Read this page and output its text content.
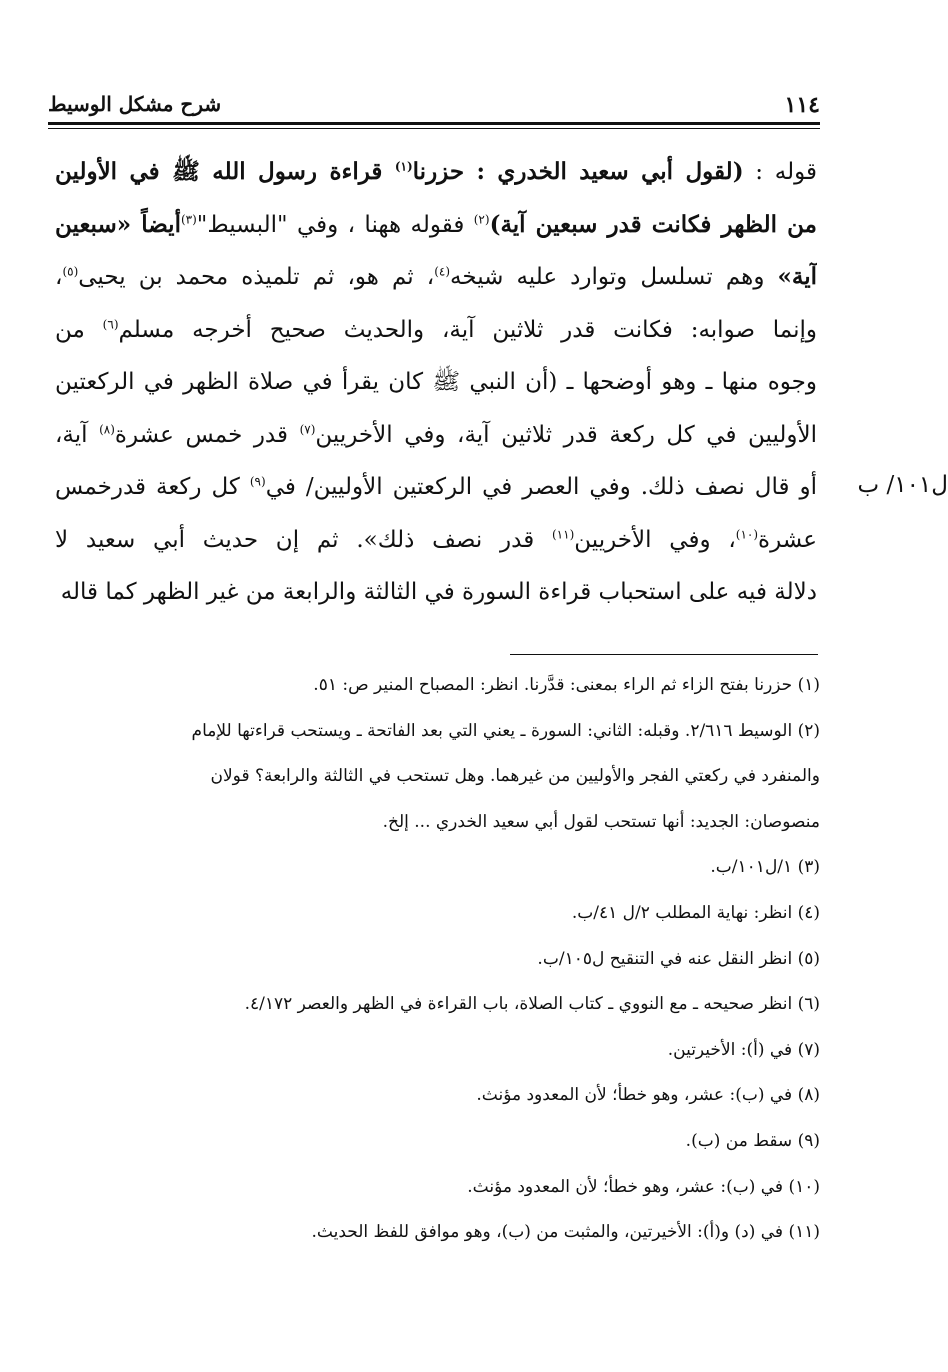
١١٤
شرح مشكل الوسيط
ل١٠١/ ب
قوله : (لقول أبي سعيد الخدري : حزرنا$^{(١)}$ قراءة رسول الله ﷺ في الأولين
من الظهر فكانت قدر سبعين آية)$^{(٢)}$ فقوله ههنا ، وفي "البسيط"$^{(٣)}$أيضاً «سبعين
آية» وهم تسلسل وتوارد عليه شيخه$^{(٤)}$، ثم هو، ثم تلميذه محمد بن يحيى$^{(٥)}$،
وإنما صوابه: فكانت قدر ثلاثين آية، والحديث صحيح أخرجه مسلم$^{(٦)}$ من
وجوه منها ـ وهو أوضحها ـ (أن النبي ﷺ كان يقرأ في صلاة الظهر في الركعتين
الأوليين في كل ركعة قدر ثلاثين آية، وفي الأخريين$^{(٧)}$ قدر خمس عشرة$^{(٨)}$ آية،
أو قال نصف ذلك. وفي العصر في الركعتين الأوليين/ في$^{(٩)}$ كل ركعة قدرخمس
عشرة$^{(١٠)}$، وفي الأخريين$^{(١١)}$ قدر نصف ذلك». ثم إن حديث أبي سعيد لا
دلالة فيه على استحباب قراءة السورة في الثالثة والرابعة من غير الظهر كما قاله
(١) حزرنا بفتح الزاء ثم الراء بمعنى: قدَّرنا. انظر: المصباح المنير ص: ٥١.
(٢) الوسيط ٢/٦١٦. وقبله: الثاني: السورة ـ يعني التي بعد الفاتحة ـ ويستحب قراءتها للإمام
والمنفرد في ركعتي الفجر والأوليين من غيرهما. وهل تستحب في الثالثة والرابعة؟ قولان
منصوصان: الجديد: أنها تستحب لقول أبي سعيد الخدري ... إلخ.
(٣) ١/ل١٠١/ب.
(٤) انظر: نهاية المطلب ٢/ل ٤١/ب.
(٥) انظر النقل عنه في التنقيح ل١٠٥/ب.
(٦) انظر صحيحه ـ مع النووي ـ كتاب الصلاة، باب القراءة في الظهر والعصر ٤/١٧٢.
(٧) في (أ): الأخيرتين.
(٨) في (ب): عشر، وهو خطأ؛ لأن المعدود مؤنث.
(٩) سقط من (ب).
(١٠) في (ب): عشر، وهو خطأ؛ لأن المعدود مؤنث.
(١١) في (د) و(أ): الأخيرتين، والمثبت من (ب)، وهو موافق للفظ الحديث.
